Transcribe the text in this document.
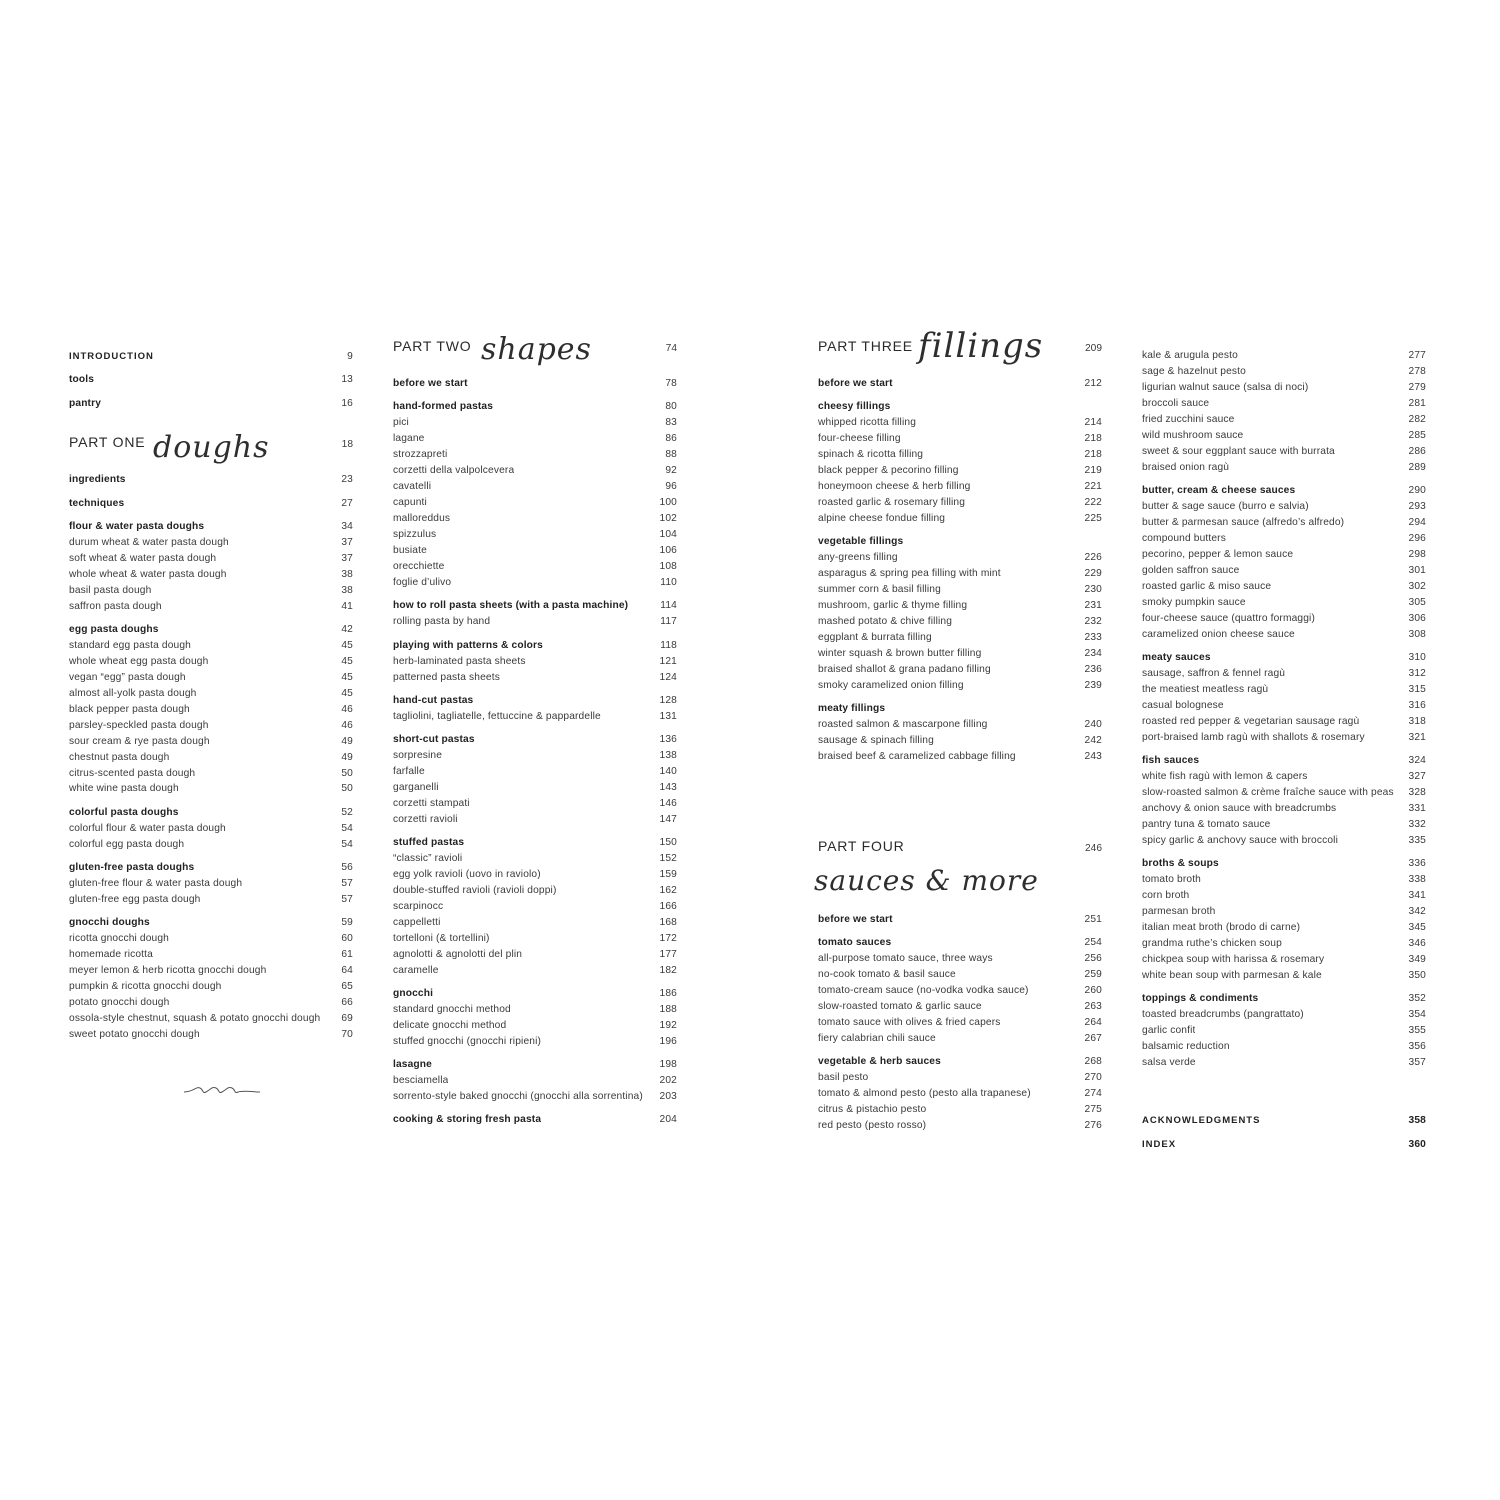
INTRODUCTION	9
tools	13
pantry	16
PART ONE	18
doughs
ingredients	23
techniques	27
flour & water pasta doughs	34
durum wheat & water pasta dough	37
soft wheat & water pasta dough	37
whole wheat & water pasta dough	38
basil pasta dough	38
saffron pasta dough	41
egg pasta doughs	42
standard egg pasta dough	45
whole wheat egg pasta dough	45
vegan “egg” pasta dough	45
almost all-yolk pasta dough	45
black pepper pasta dough	46
parsley-speckled pasta dough	46
sour cream & rye pasta dough	49
chestnut pasta dough	49
citrus-scented pasta dough	50
white wine pasta dough	50
colorful pasta doughs	52
colorful flour & water pasta dough	54
colorful egg pasta dough	54
gluten-free pasta doughs	56
gluten-free flour & water pasta dough	57
gluten-free egg pasta dough	57
gnocchi doughs	59
ricotta gnocchi dough	60
homemade ricotta	61
meyer lemon & herb ricotta gnocchi dough	64
pumpkin & ricotta gnocchi dough	65
potato gnocchi dough	66
ossola-style chestnut, squash & potato gnocchi dough	69
sweet potato gnocchi dough	70
PART TWO	74
shapes
before we start	78
hand-formed pastas	80
pici	83
lagane	86
strozzapreti	88
corzetti della valpolcevera	92
cavatelli	96
capunti	100
malloreddus	102
spizzulus	104
busiate	106
orecchiette	108
foglie d’ulivo	110
how to roll pasta sheets (with a pasta machine)	114
rolling pasta by hand	117
playing with patterns & colors	118
herb-laminated pasta sheets	121
patterned pasta sheets	124
hand-cut pastas	128
tagliolini, tagliatelle, fettuccine & pappardelle	131
short-cut pastas	136
sorpresine	138
farfalle	140
garganelli	143
corzetti stampati	146
corzetti ravioli	147
stuffed pastas	150
“classic” ravioli	152
egg yolk ravioli (uovo in raviolo)	159
double-stuffed ravioli (ravioli doppi)	162
scarpinocc	166
cappelletti	168
tortelloni (& tortellini)	172
agnolotti & agnolotti del plin	177
caramelle	182
gnocchi	186
standard gnocchi method	188
delicate gnocchi method	192
stuffed gnocchi (gnocchi ripieni)	196
lasagne	198
besciamella	202
sorrento-style baked gnocchi (gnocchi alla sorrentina)	203
cooking & storing fresh pasta	204
PART THREE	209
fillings
before we start	212
cheesy fillings
whipped ricotta filling	214
four-cheese filling	218
spinach & ricotta filling	218
black pepper & pecorino filling	219
honeymoon cheese & herb filling	221
roasted garlic & rosemary filling	222
alpine cheese fondue filling	225
vegetable fillings
any-greens filling	226
asparagus & spring pea filling with mint	229
summer corn & basil filling	230
mushroom, garlic & thyme filling	231
mashed potato & chive filling	232
eggplant & burrata filling	233
winter squash & brown butter filling	234
braised shallot & grana padano filling	236
smoky caramelized onion filling	239
meaty fillings
roasted salmon & mascarpone filling	240
sausage & spinach filling	242
braised beef & caramelized cabbage filling	243
PART FOUR	246
sauces & more
before we start	251
tomato sauces	254
all-purpose tomato sauce, three ways	256
no-cook tomato & basil sauce	259
tomato-cream sauce (no-vodka vodka sauce)	260
slow-roasted tomato & garlic sauce	263
tomato sauce with olives & fried capers	264
fiery calabrian chili sauce	267
vegetable & herb sauces	268
basil pesto	270
tomato & almond pesto (pesto alla trapanese)	274
citrus & pistachio pesto	275
red pesto (pesto rosso)	276
kale & arugula pesto	277
sage & hazelnut pesto	278
ligurian walnut sauce (salsa di noci)	279
broccoli sauce	281
fried zucchini sauce	282
wild mushroom sauce	285
sweet & sour eggplant sauce with burrata	286
braised onion ragù	289
butter, cream & cheese sauces	290
butter & sage sauce (burro e salvia)	293
butter & parmesan sauce (alfredo’s alfredo)	294
compound butters	296
pecorino, pepper & lemon sauce	298
golden saffron sauce	301
roasted garlic & miso sauce	302
smoky pumpkin sauce	305
four-cheese sauce (quattro formaggi)	306
caramelized onion cheese sauce	308
meaty sauces	310
sausage, saffron & fennel ragù	312
the meatiest meatless ragù	315
casual bolognese	316
roasted red pepper & vegetarian sausage ragù	318
port-braised lamb ragù with shallots & rosemary	321
fish sauces	324
white fish ragù with lemon & capers	327
slow-roasted salmon & crème fraîche sauce with peas	328
anchovy & onion sauce with breadcrumbs	331
pantry tuna & tomato sauce	332
spicy garlic & anchovy sauce with broccoli	335
broths & soups	336
tomato broth	338
corn broth	341
parmesan broth	342
italian meat broth (brodo di carne)	345
grandma ruthe’s chicken soup	346
chickpea soup with harissa & rosemary	349
white bean soup with parmesan & kale	350
toppings & condiments	352
toasted breadcrumbs (pangrattato)	354
garlic confit	355
balsamic reduction	356
salsa verde	357
ACKNOWLEDGMENTS	358
INDEX	360
